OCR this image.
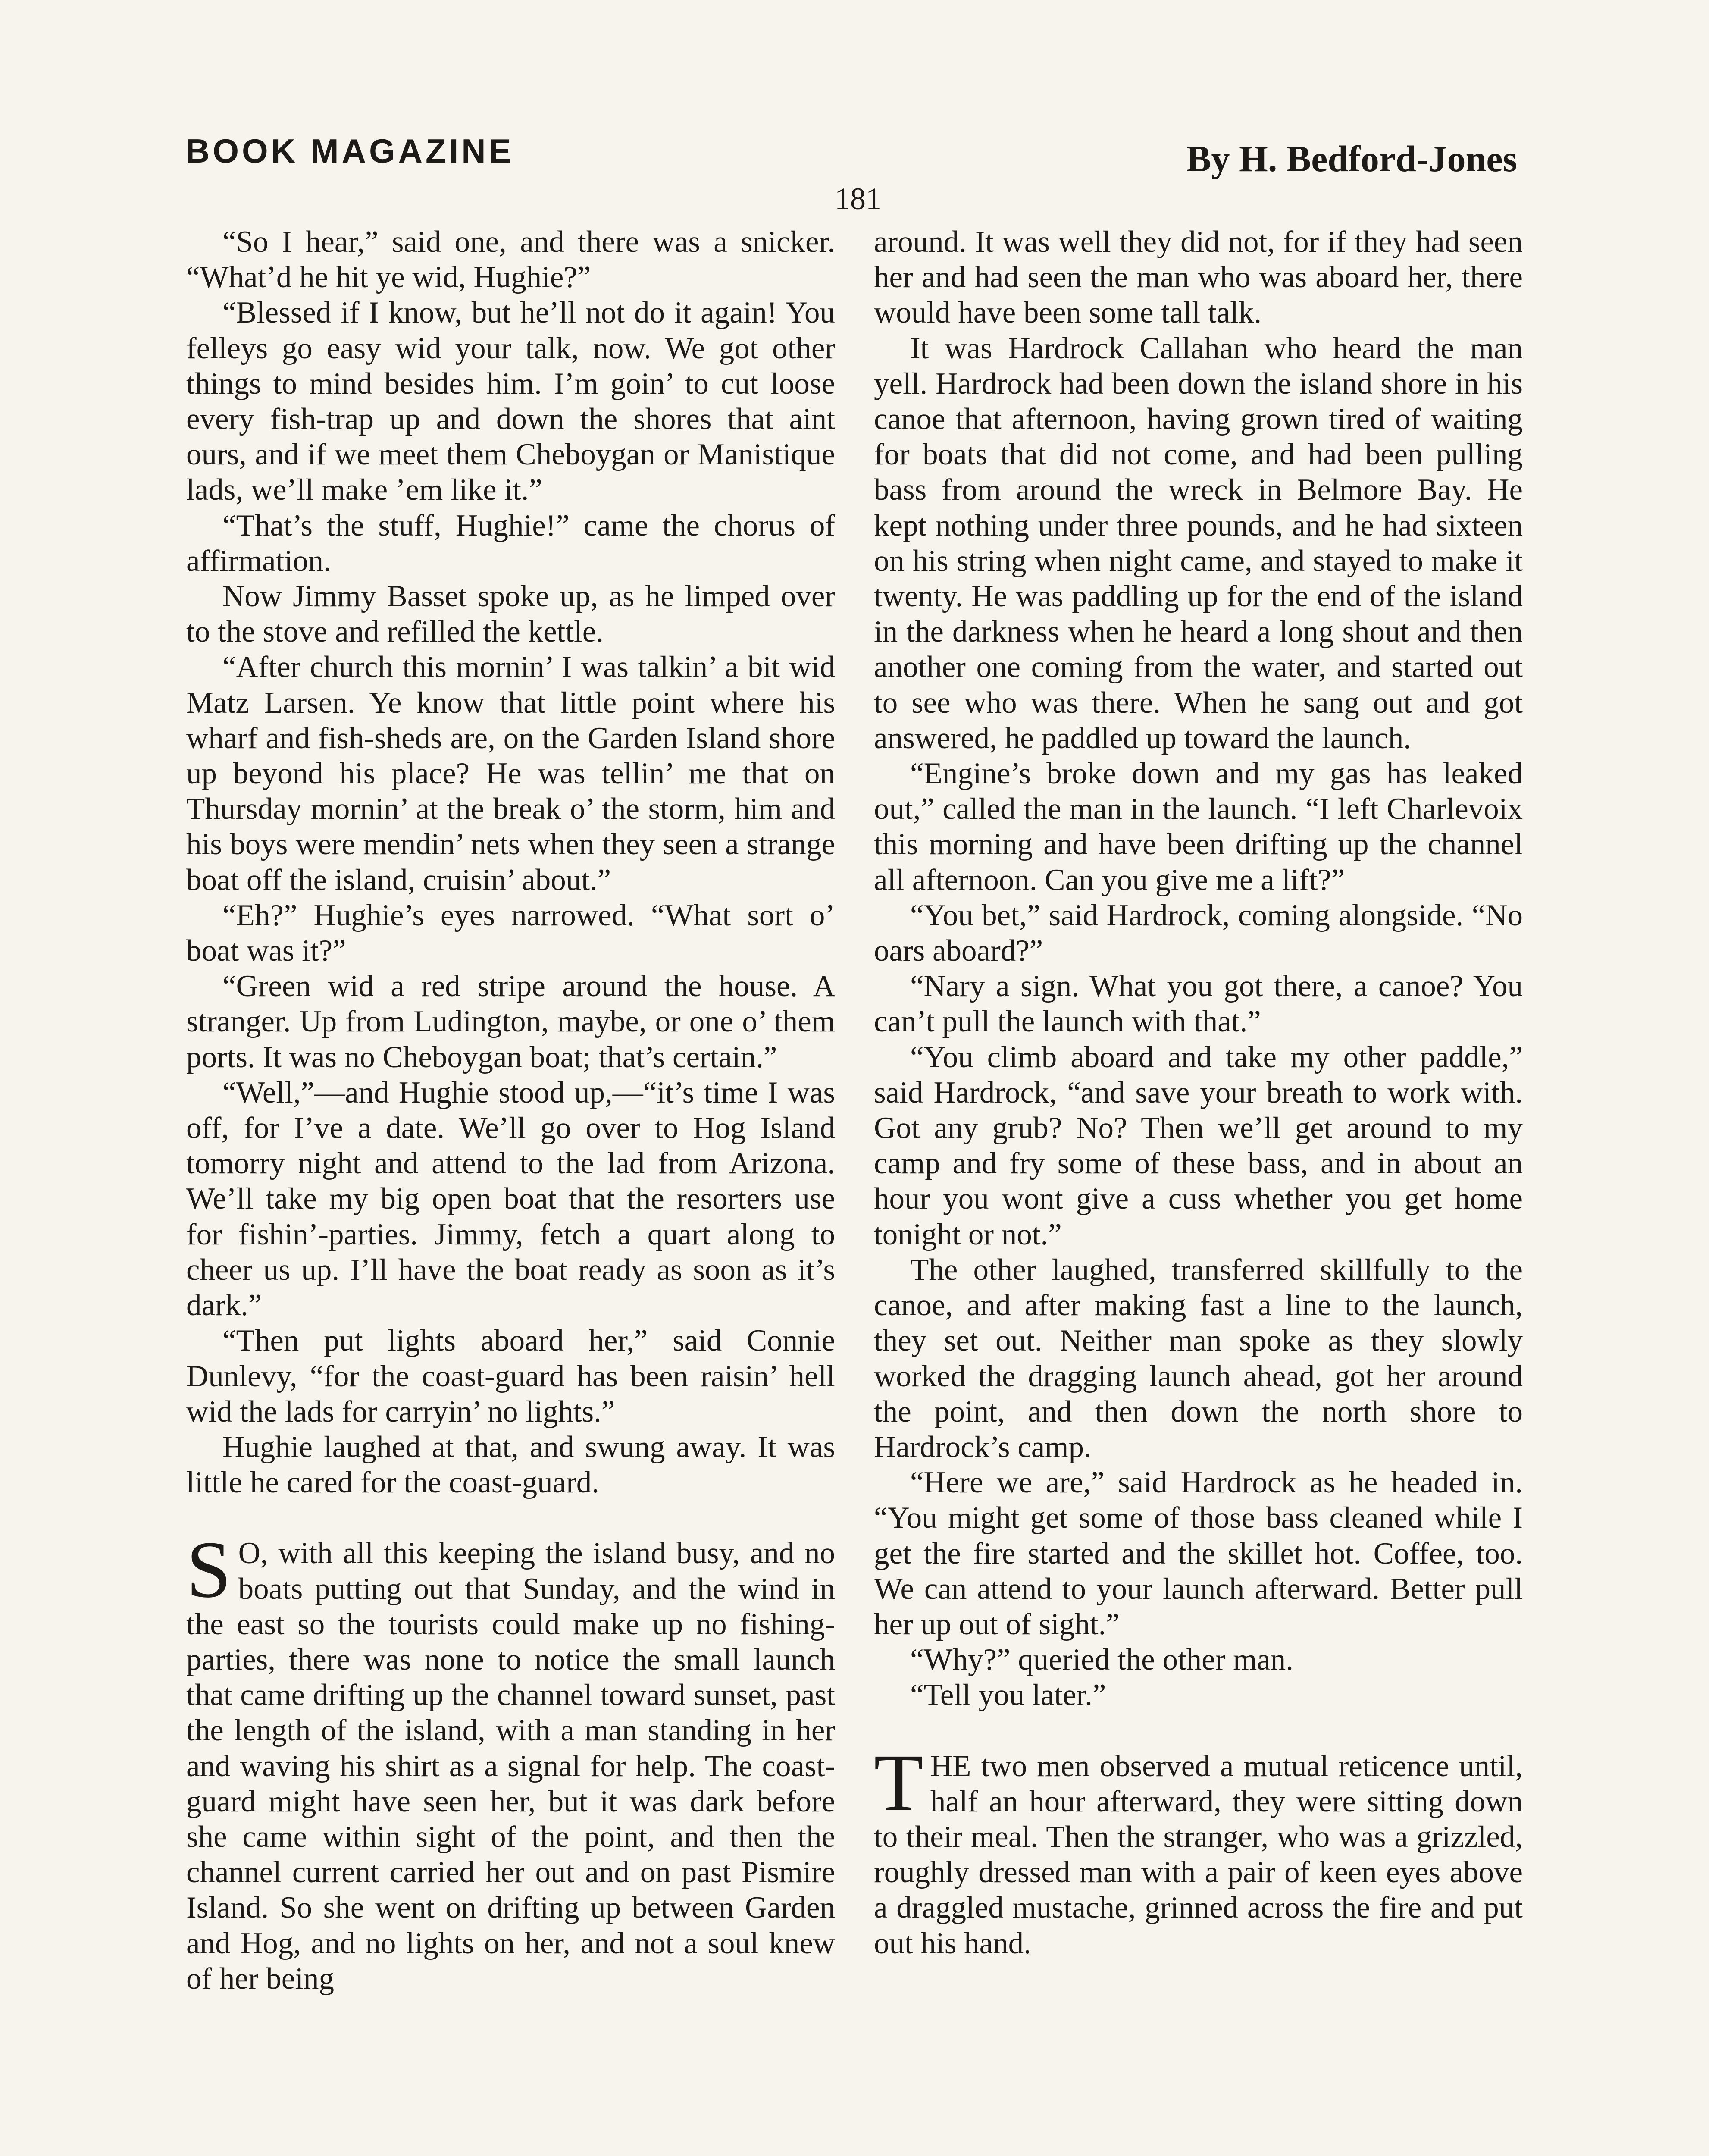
BOOK MAGAZINE
181
By H. Bedford-Jones

“So I hear,” said one, and there was a snicker. “What’d he hit ye wid, Hughie?”

“Blessed if I know, but he’ll not do it again! You felleys go easy wid your talk, now. We got other things to mind besides him. I’m goin’ to cut loose every fish-trap up and down the shores that aint ours, and if we meet them Cheboygan or Manistique lads, we’ll make ’em like it.”

“That’s the stuff, Hughie!” came the chorus of affirmation.

Now Jimmy Basset spoke up, as he limped over to the stove and refilled the kettle.

“After church this mornin’ I was talkin’ a bit wid Matz Larsen. Ye know that little point where his wharf and fish-sheds are, on the Garden Island shore up beyond his place? He was tellin’ me that on Thursday mornin’ at the break o’ the storm, him and his boys were mendin’ nets when they seen a strange boat off the island, cruisin’ about.”

“Eh?” Hughie’s eyes narrowed. “What sort o’ boat was it?”

“Green wid a red stripe around the house. A stranger. Up from Ludington, maybe, or one o’ them ports. It was no Cheboygan boat; that’s certain.”

“Well,”—and Hughie stood up,—“it’s time I was off, for I’ve a date. We’ll go over to Hog Island tomorry night and attend to the lad from Arizona. We’ll take my big open boat that the resorters use for fishin’-parties. Jimmy, fetch a quart along to cheer us up. I’ll have the boat ready as soon as it’s dark.”

“Then put lights aboard her,” said Connie Dunlevy, “for the coast-guard has been raisin’ hell wid the lads for carryin’ no lights.”

Hughie laughed at that, and swung away. It was little he cared for the coast-guard.

S O, with all this keeping the island busy, and no boats putting out that Sunday, and the wind in the east so the tourists could make up no fishing-parties, there was none to notice the small launch that came drifting up the channel toward sunset, past the length of the island, with a man standing in her and waving his shirt as a signal for help. The coast-guard might have seen her, but it was dark before she came within sight of the point, and then the channel current carried her out and on past Pismire Island. So she went on drifting up between Garden and Hog, and no lights on her, and not a soul knew of her being

around. It was well they did not, for if they had seen her and had seen the man who was aboard her, there would have been some tall talk.

It was Hardrock Callahan who heard the man yell. Hardrock had been down the island shore in his canoe that afternoon, having grown tired of waiting for boats that did not come, and had been pulling bass from around the wreck in Belmore Bay. He kept nothing under three pounds, and he had sixteen on his string when night came, and stayed to make it twenty. He was paddling up for the end of the island in the darkness when he heard a long shout and then another one coming from the water, and started out to see who was there. When he sang out and got answered, he paddled up toward the launch.

“Engine’s broke down and my gas has leaked out,” called the man in the launch. “I left Charlevoix this morning and have been drifting up the channel all afternoon. Can you give me a lift?”

“You bet,” said Hardrock, coming alongside. “No oars aboard?”

“Nary a sign. What you got there, a canoe? You can’t pull the launch with that.”

“You climb aboard and take my other paddle,” said Hardrock, “and save your breath to work with. Got any grub? No? Then we’ll get around to my camp and fry some of these bass, and in about an hour you wont give a cuss whether you get home tonight or not.”

The other laughed, transferred skillfully to the canoe, and after making fast a line to the launch, they set out. Neither man spoke as they slowly worked the dragging launch ahead, got her around the point, and then down the north shore to Hardrock’s camp.

“Here we are,” said Hardrock as he headed in. “You might get some of those bass cleaned while I get the fire started and the skillet hot. Coffee, too. We can attend to your launch afterward. Better pull her up out of sight.”

“Why?” queried the other man.

“Tell you later.”

THE two men observed a mutual reticence until, half an hour afterward, they were sitting down to their meal. Then the stranger, who was a grizzled, roughly dressed man with a pair of keen eyes above a draggled mustache, grinned across the fire and put out his hand.
